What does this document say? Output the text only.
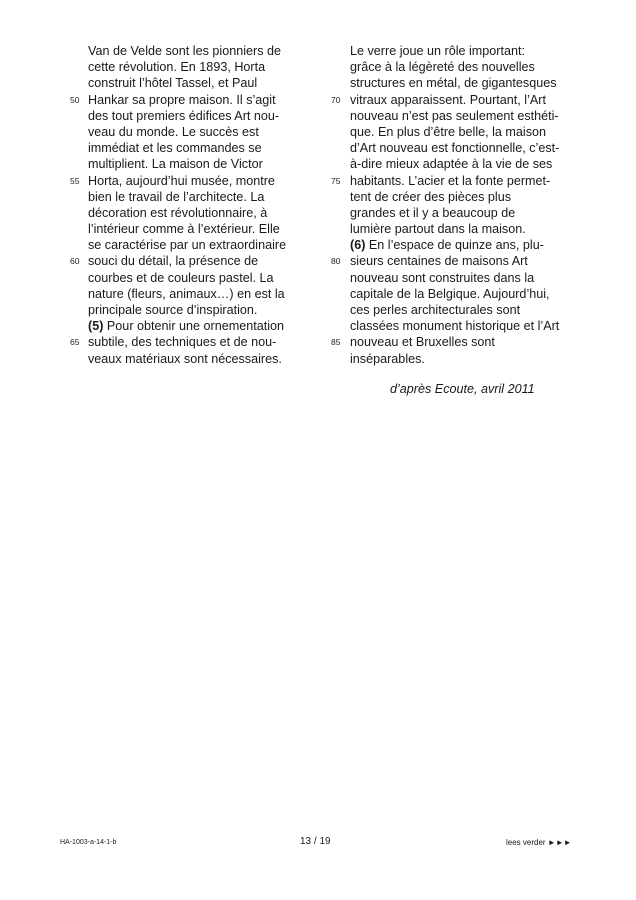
Van de Velde sont les pionniers de
cette révolution. En 1893, Horta
construit l’hôtel Tassel, et Paul
50 Hankar sa propre maison. Il s’agit
des tout premiers édifices Art nou-
veau du monde. Le succès est
immédiat et les commandes se
multiplient. La maison de Victor
55 Horta, aujourd’hui musée, montre
bien le travail de l’architecte. La
décoration est révolutionnaire, à
l’intérieur comme à l’extérieur. Elle
se caractérise par un extraordinaire
60 souci du détail, la présence de
courbes et de couleurs pastel. La
nature (fleurs, animaux…) en est la
principale source d’inspiration.
(5) Pour obtenir une ornementation
65 subtile, des techniques et de nou-
veaux matériaux sont nécessaires.
Le verre joue un rôle important:
grâce à la légèreté des nouvelles
structures en métal, de gigantesques
70 vitraux apparaissent. Pourtant, l’Art
nouveau n’est pas seulement esthéti-
que. En plus d’être belle, la maison
d’Art nouveau est fonctionnelle, c’est-
à-dire mieux adaptée à la vie de ses
75 habitants. L’acier et la fonte permet-
tent de créer des pièces plus
grandes et il y a beaucoup de
lumière partout dans la maison.
(6) En l’espace de quinze ans, plu-
80 sieurs centaines de maisons Art
nouveau sont construites dans la
capitale de la Belgique. Aujourd’hui,
ces perles architecturales sont
classées monument historique et l’Art
85 nouveau et Bruxelles sont
inséparables.
d’après Ecoute, avril 2011
HA-1003-a-14-1-b	13 / 19	lees verder ►►►
